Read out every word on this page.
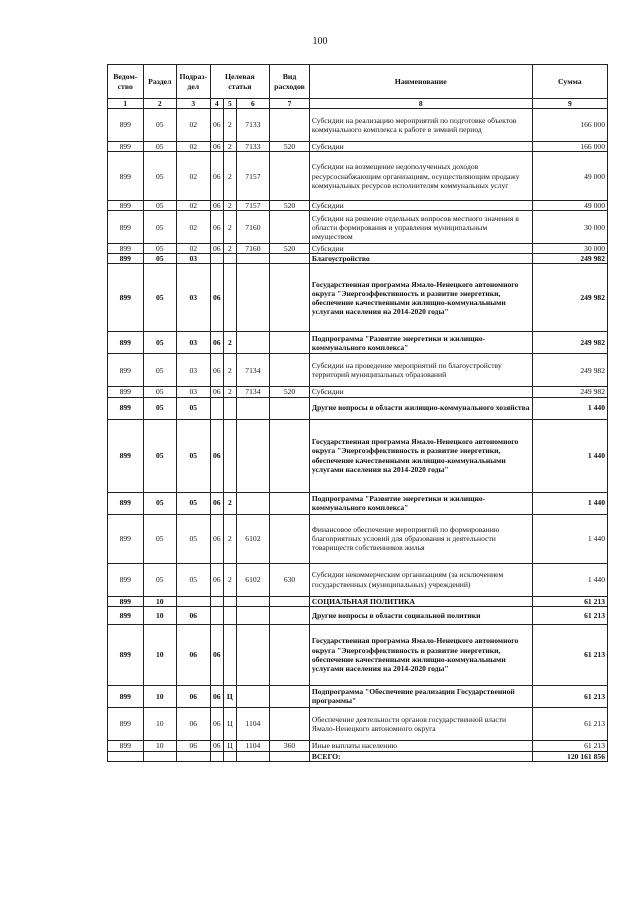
100
Ведом-ство	Раздел	Подраз-дел	Целевая статья			Вид расходов	Наименование	Сумма
1	2	3	4	5	6	7	8	9
899	05	02	06	2	7133		Субсидии на реализацию мероприятий по подготовке объектов коммунального комплекса к работе в зимний период	166 000
899	05	02	06	2	7133	520	Субсидии	166 000
899	05	02	06	2	7157		Субсидии на возмещение недополученных доходов ресурсоснабжающим организациям, осуществляющим продажу коммунальных ресурсов исполнителям коммунальных услуг	49 000
899	05	02	06	2	7157	520	Субсидии	49 000
899	05	02	06	2	7160		Субсидии на решение отдельных вопросов местного значения в области формирования и управления муниципальным имуществом	30 000
899	05	02	06	2	7160	520	Субсидии	30 000
899	05	03					Благоустройство	249 982
899	05	03	06				Государственная программа Ямало-Ненецкого автономного округа "Энергоэффективность и развитие энергетики, обеспечение качественными жилищно-коммунальными услугами населения на 2014-2020 годы"	249 982
899	05	03	06	2			Подпрограмма "Развитие энергетики и жилищно-коммунального комплекса"	249 982
899	05	03	06	2	7134		Субсидии на проведение мероприятий по благоустройству территорий муниципальных образований	249 982
899	05	03	06	2	7134	520	Субсидии	249 982
899	05	05					Другие вопросы в области жилищно-коммунального хозяйства	1 440
899	05	05	06				Государственная программа Ямало-Ненецкого автономного округа "Энергоэффективность и развитие энергетики, обеспечение качественными жилищно-коммунальными услугами населения на 2014-2020 годы"	1 440
899	05	05	06	2			Подпрограмма "Развитие энергетики и жилищно-коммунального комплекса"	1 440
899	05	05	06	2	6102		Финансовое обеспечение мероприятий по формированию благоприятных условий для образования и деятельности товариществ собственников жилья	1 440
899	05	05	06	2	6102	630	Субсидии некоммерческим организациям (за исключением государственных (муниципальных) учреждений)	1 440
899	10						СОЦИАЛЬНАЯ ПОЛИТИКА	61 213
899	10	06					Другие вопросы в области социальной политики	61 213
899	10	06	06				Государственная программа Ямало-Ненецкого автономного округа "Энергоэффективность и развитие энергетики, обеспечение качественными жилищно-коммунальными услугами населения на 2014-2020 годы"	61 213
899	10	06	06	Ц			Подпрограмма "Обеспечение реализации Государственной программы"	61 213
899	10	06	06	Ц	1104		Обеспечение деятельности органов государственной власти Ямало-Ненецкого автономного округа	61 213
899	10	06	06	Ц	1104	360	Иные выплаты населению	61 213
							ВСЕГО:	120 161 856
